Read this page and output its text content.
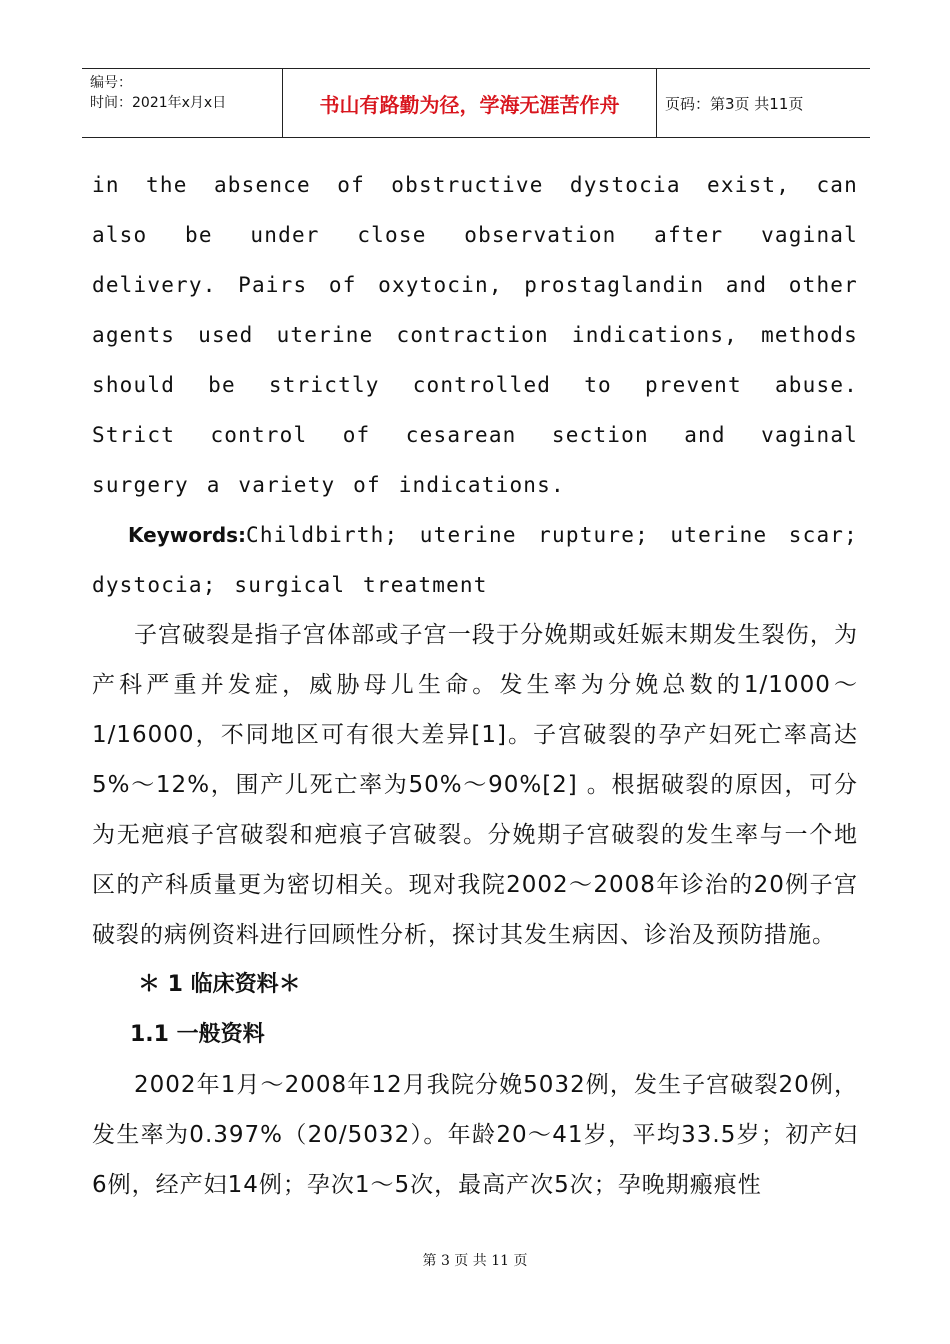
编号：
时间：2021年x月x日	书山有路勤为径，学海无涯苦作舟	页码：第3页 共11页

in the absence of obstructive dystocia exist, can also be under close observation after vaginal delivery. Pairs of oxytocin, prostaglandin and other agents used uterine contraction indications, methods should be strictly controlled to prevent abuse. Strict control of cesarean section and vaginal surgery a variety of indications.

Keywords:Childbirth; uterine rupture; uterine scar; dystocia; surgical treatment

子宫破裂是指子宫体部或子宫一段于分娩期或妊娠末期发生裂伤，为产科严重并发症，威胁母儿生命。发生率为分娩总数的1/1000～1/16000，不同地区可有很大差异[1]。子宫破裂的孕产妇死亡率高达5%～12%，围产儿死亡率为50%～90%[2] 。根据破裂的原因，可分为无疤痕子宫破裂和疤痕子宫破裂。分娩期子宫破裂的发生率与一个地区的产科质量更为密切相关。现对我院2002～2008年诊治的20例子宫破裂的病例资料进行回顾性分析，探讨其发生病因、诊治及预防措施。

＊ 1 临床资料＊

1.1 一般资料

2002年1月～2008年12月我院分娩5032例，发生子宫破裂20例，发生率为0.397%（20/5032）。年龄20～41岁，平均33.5岁；初产妇6例，经产妇14例；孕次1～5次，最高产次5次；孕晚期瘢痕性

第 3 页 共 11 页
